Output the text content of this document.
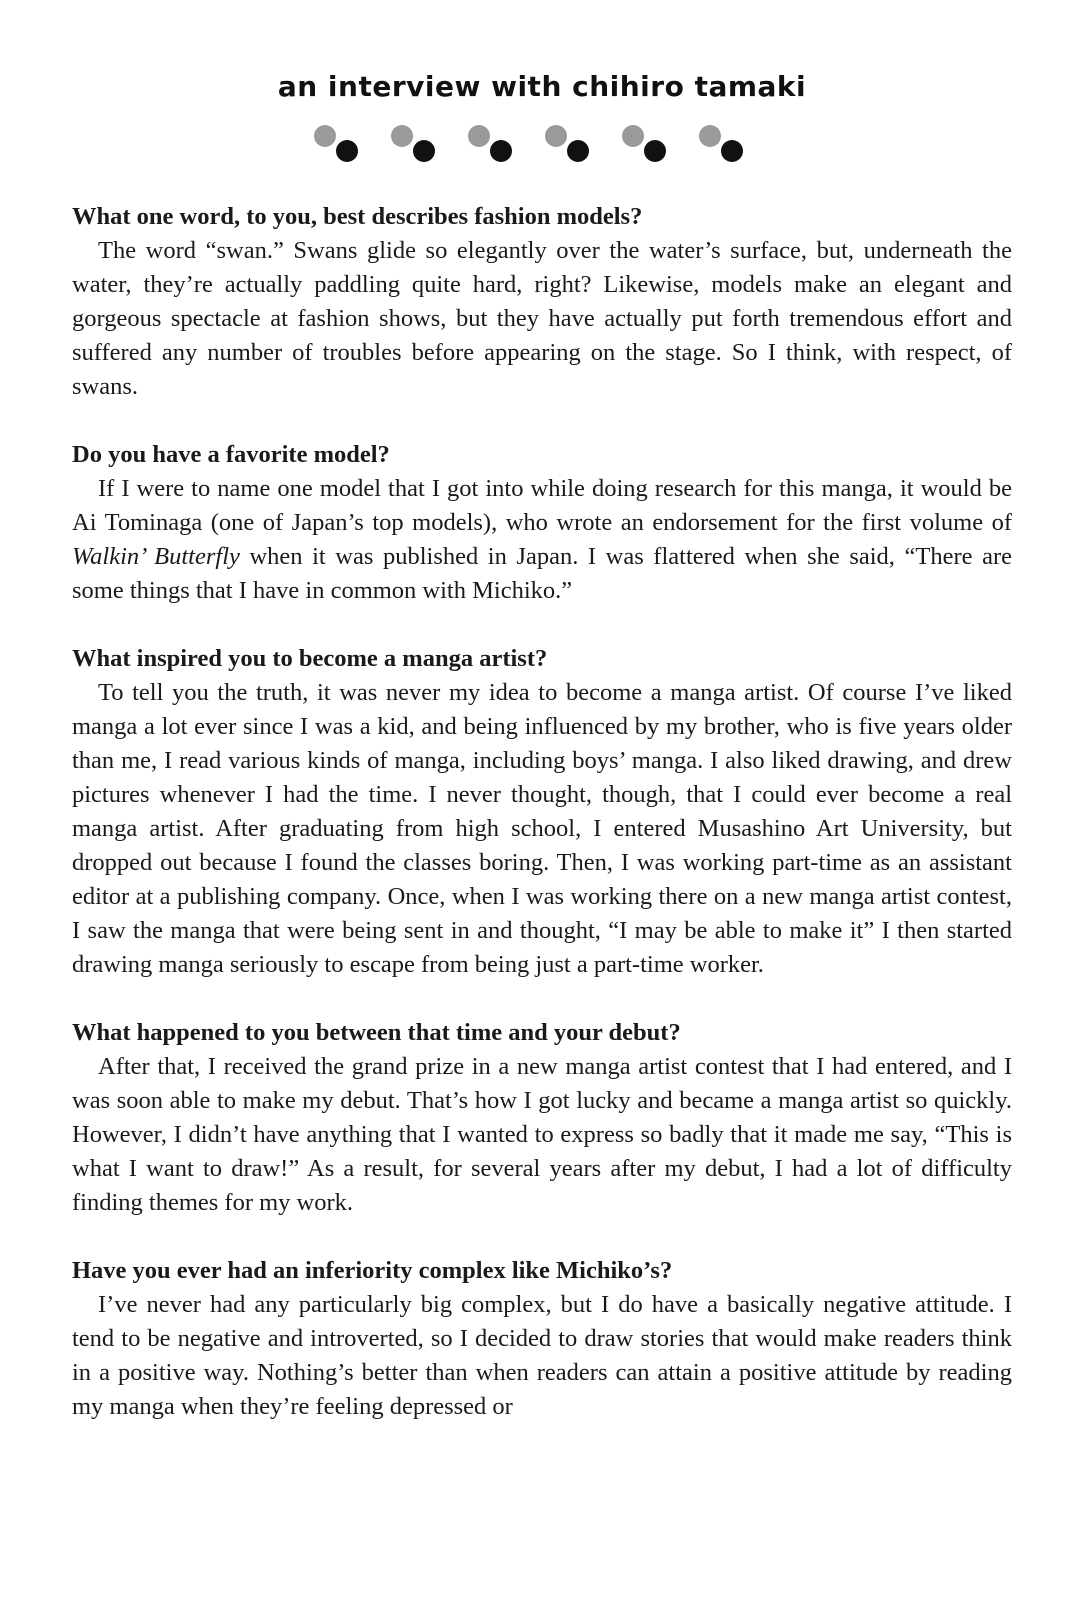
an interview with chihiro tamaki
What one word, to you, best describes fashion models?

The word “swan.” Swans glide so elegantly over the water’s surface, but, underneath the water, they’re actually paddling quite hard, right? Likewise, models make an elegant and gorgeous spectacle at fashion shows, but they have actually put forth tremendous effort and suffered any number of troubles before appearing on the stage. So I think, with respect, of swans.

Do you have a favorite model?

If I were to name one model that I got into while doing research for this manga, it would be Ai Tominaga (one of Japan’s top models), who wrote an endorsement for the first volume of Walkin’ Butterfly when it was published in Japan. I was flattered when she said, “There are some things that I have in common with Michiko.”

What inspired you to become a manga artist?

To tell you the truth, it was never my idea to become a manga artist. Of course I’ve liked manga a lot ever since I was a kid, and being influenced by my brother, who is five years older than me, I read various kinds of manga, including boys’ manga. I also liked drawing, and drew pictures whenever I had the time. I never thought, though, that I could ever become a real manga artist. After graduating from high school, I entered Musashino Art University, but dropped out because I found the classes boring. Then, I was working part-time as an assistant editor at a publishing company. Once, when I was working there on a new manga artist contest, I saw the manga that were being sent in and thought, “I may be able to make it” I then started drawing manga seriously to escape from being just a part-time worker.

What happened to you between that time and your debut?

After that, I received the grand prize in a new manga artist contest that I had entered, and I was soon able to make my debut. That’s how I got lucky and became a manga artist so quickly. However, I didn’t have anything that I wanted to express so badly that it made me say, “This is what I want to draw!” As a result, for several years after my debut, I had a lot of difficulty finding themes for my work.

Have you ever had an inferiority complex like Michiko’s?

I’ve never had any particularly big complex, but I do have a basically negative attitude. I tend to be negative and introverted, so I decided to draw stories that would make readers think in a positive way. Nothing’s better than when readers can attain a positive attitude by reading my manga when they’re feeling depressed or
